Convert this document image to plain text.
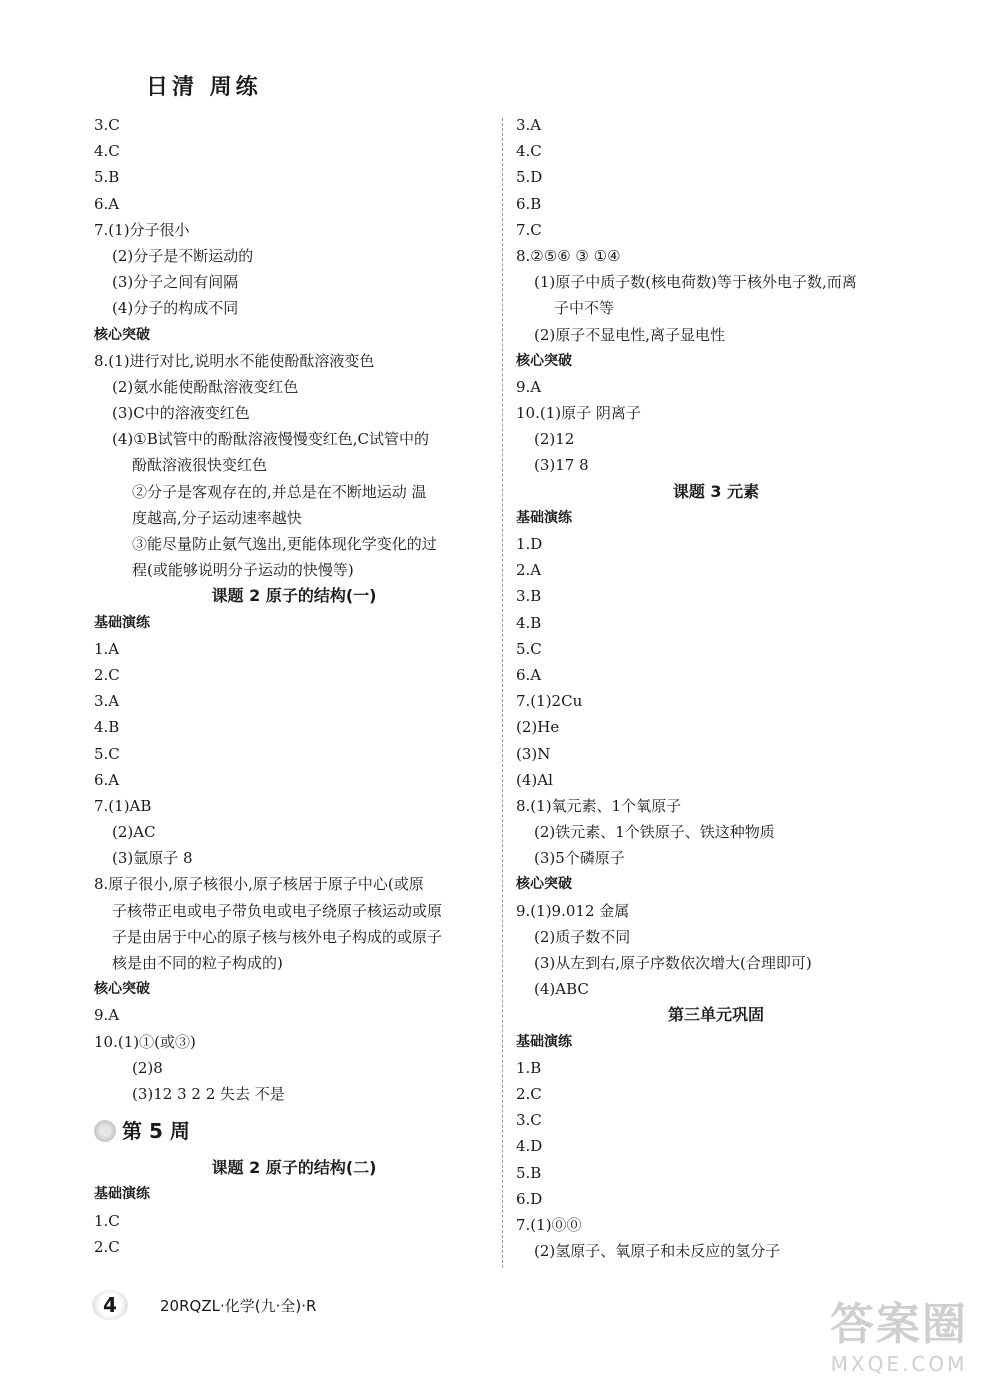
日清 周练
3.C
4.C
5.B
6.A
7.(1)分子很小
(2)分子是不断运动的
(3)分子之间有间隔
(4)分子的构成不同
核心突破
8.(1)进行对比,说明水不能使酚酞溶液变色
(2)氨水能使酚酞溶液变红色
(3)C中的溶液变红色
(4)①B试管中的酚酞溶液慢慢变红色,C试管中的
酚酞溶液很快变红色
②分子是客观存在的,并总是在不断地运动 温
度越高,分子运动速率越快
③能尽量防止氨气逸出,更能体现化学变化的过
程(或能够说明分子运动的快慢等)
课题 2 原子的结构(一)
基础演练
1.A
2.C
3.A
4.B
5.C
6.A
7.(1)AB
(2)AC
(3)氩原子 8
8.原子很小,原子核很小,原子核居于原子中心(或原
子核带正电或电子带负电或电子绕原子核运动或原
子是由居于中心的原子核与核外电子构成的或原子
核是由不同的粒子构成的)
核心突破
9.A
10.(1)①(或③)
(2)8
(3)12 3 2 2 失去 不是
第 5 周
课题 2 原子的结构(二)
基础演练
1.C
2.C
3.A
4.C
5.D
6.B
7.C
8.②⑤⑥ ③ ①④
(1)原子中质子数(核电荷数)等于核外电子数,而离
子中不等
(2)原子不显电性,离子显电性
核心突破
9.A
10.(1)原子 阴离子
(2)12
(3)17 8
课题 3 元素
基础演练
1.D
2.A
3.B
4.B
5.C
6.A
7.(1)2Cu
(2)He
(3)N
(4)Al
8.(1)氧元素、1个氧原子
(2)铁元素、1个铁原子、铁这种物质
(3)5个磷原子
核心突破
9.(1)9.012 金属
(2)质子数不同
(3)从左到右,原子序数依次增大(合理即可)
(4)ABC
第三单元巩固
基础演练
1.B
2.C
3.C
4.D
5.B
6.D
7.(1)⓪⓪
(2)氢原子、氧原子和未反应的氢分子
4	20RQZL·化学(九·全)·R	答案圈
MXQE.COM
